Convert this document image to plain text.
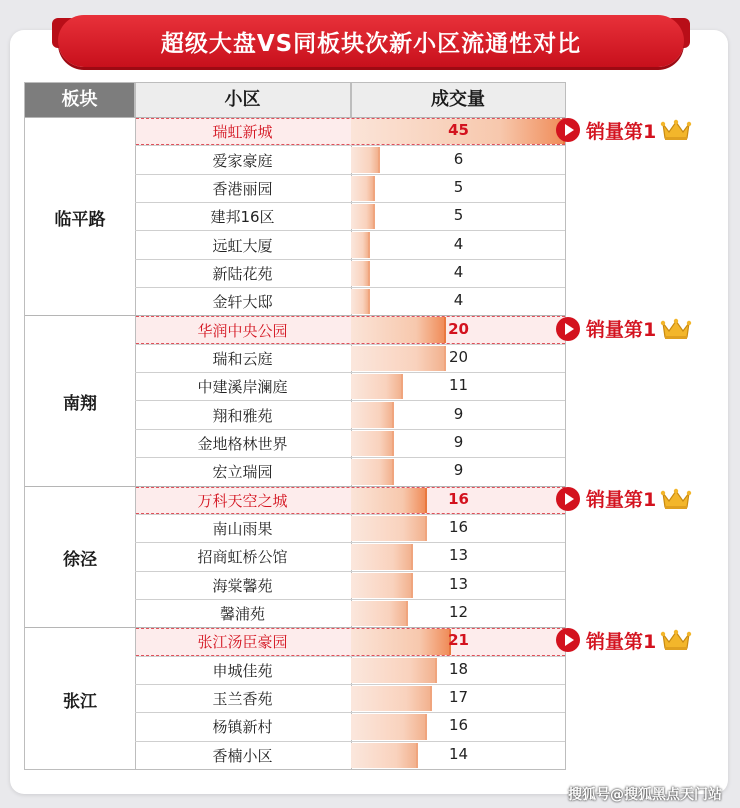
超级大盘VS同板块次新小区流通性对比
板块	小区	成交量
临平路
瑞虹新城	45
爱家豪庭	6
香港丽园	5
建邦16区	5
远虹大厦	4
新陆花苑	4
金轩大邸	4
南翔
华润中央公园	20
瑞和云庭	20
中建溪岸澜庭	11
翔和雅苑	9
金地格林世界	9
宏立瑞园	9
徐泾
万科天空之城	16
南山雨果	16
招商虹桥公馆	13
海棠馨苑	13
馨浦苑	12
张江
张江汤臣豪园	21
申城佳苑	18
玉兰香苑	17
杨镇新村	16
香楠小区	14
销量第1
销量第1
销量第1
销量第1
搜狐号@搜狐黑点天门站
